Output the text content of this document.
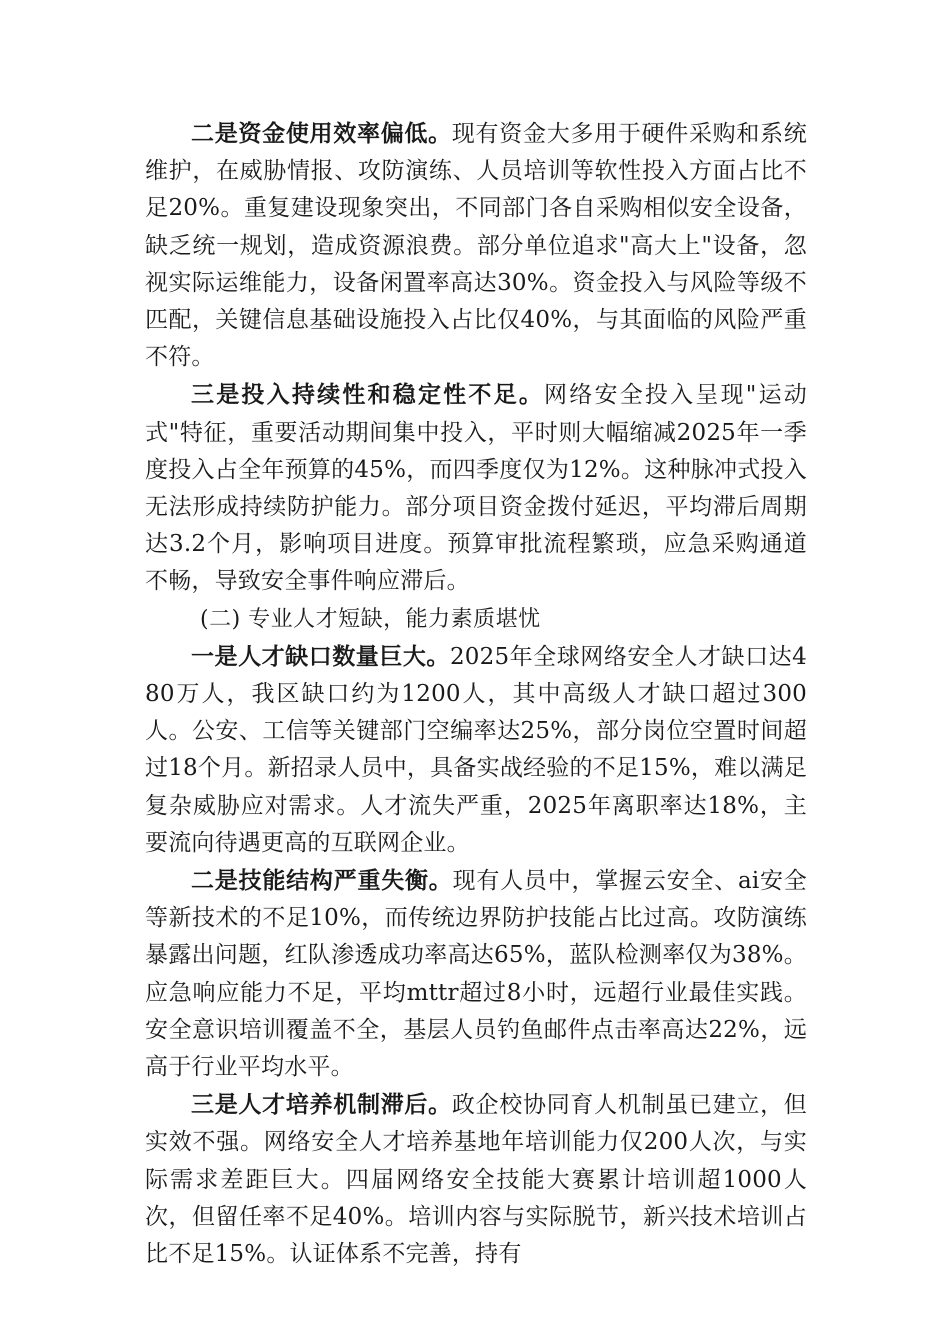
二是资金使用效率偏低。现有资金大多用于硬件采购和系统维护，在威胁情报、攻防演练、人员培训等软性投入方面占比不足20%。重复建设现象突出，不同部门各自采购相似安全设备，缺乏统一规划，造成资源浪费。部分单位追求"高大上"设备，忽视实际运维能力，设备闲置率高达30%。资金投入与风险等级不匹配，关键信息基础设施投入占比仅40%，与其面临的风险严重不符。

三是投入持续性和稳定性不足。网络安全投入呈现"运动式"特征，重要活动期间集中投入，平时则大幅缩减2025年一季度投入占全年预算的45%，而四季度仅为12%。这种脉冲式投入无法形成持续防护能力。部分项目资金拨付延迟，平均滞后周期达3.2个月，影响项目进度。预算审批流程繁琐，应急采购通道不畅，导致安全事件响应滞后。

(二) 专业人才短缺，能力素质堪忧

一是人才缺口数量巨大。2025年全球网络安全人才缺口达480万人，我区缺口约为1200人，其中高级人才缺口超过300人。公安、工信等关键部门空编率达25%，部分岗位空置时间超过18个月。新招录人员中，具备实战经验的不足15%，难以满足复杂威胁应对需求。人才流失严重，2025年离职率达18%，主要流向待遇更高的互联网企业。

二是技能结构严重失衡。现有人员中，掌握云安全、ai安全等新技术的不足10%，而传统边界防护技能占比过高。攻防演练暴露出问题，红队渗透成功率高达65%，蓝队检测率仅为38%。应急响应能力不足，平均mttr超过8小时，远超行业最佳实践。安全意识培训覆盖不全，基层人员钓鱼邮件点击率高达22%，远高于行业平均水平。

三是人才培养机制滞后。政企校协同育人机制虽已建立，但实效不强。网络安全人才培养基地年培训能力仅200人次，与实际需求差距巨大。四届网络安全技能大赛累计培训超1000人次，但留任率不足40%。培训内容与实际脱节，新兴技术培训占比不足15%。认证体系不完善，持有
